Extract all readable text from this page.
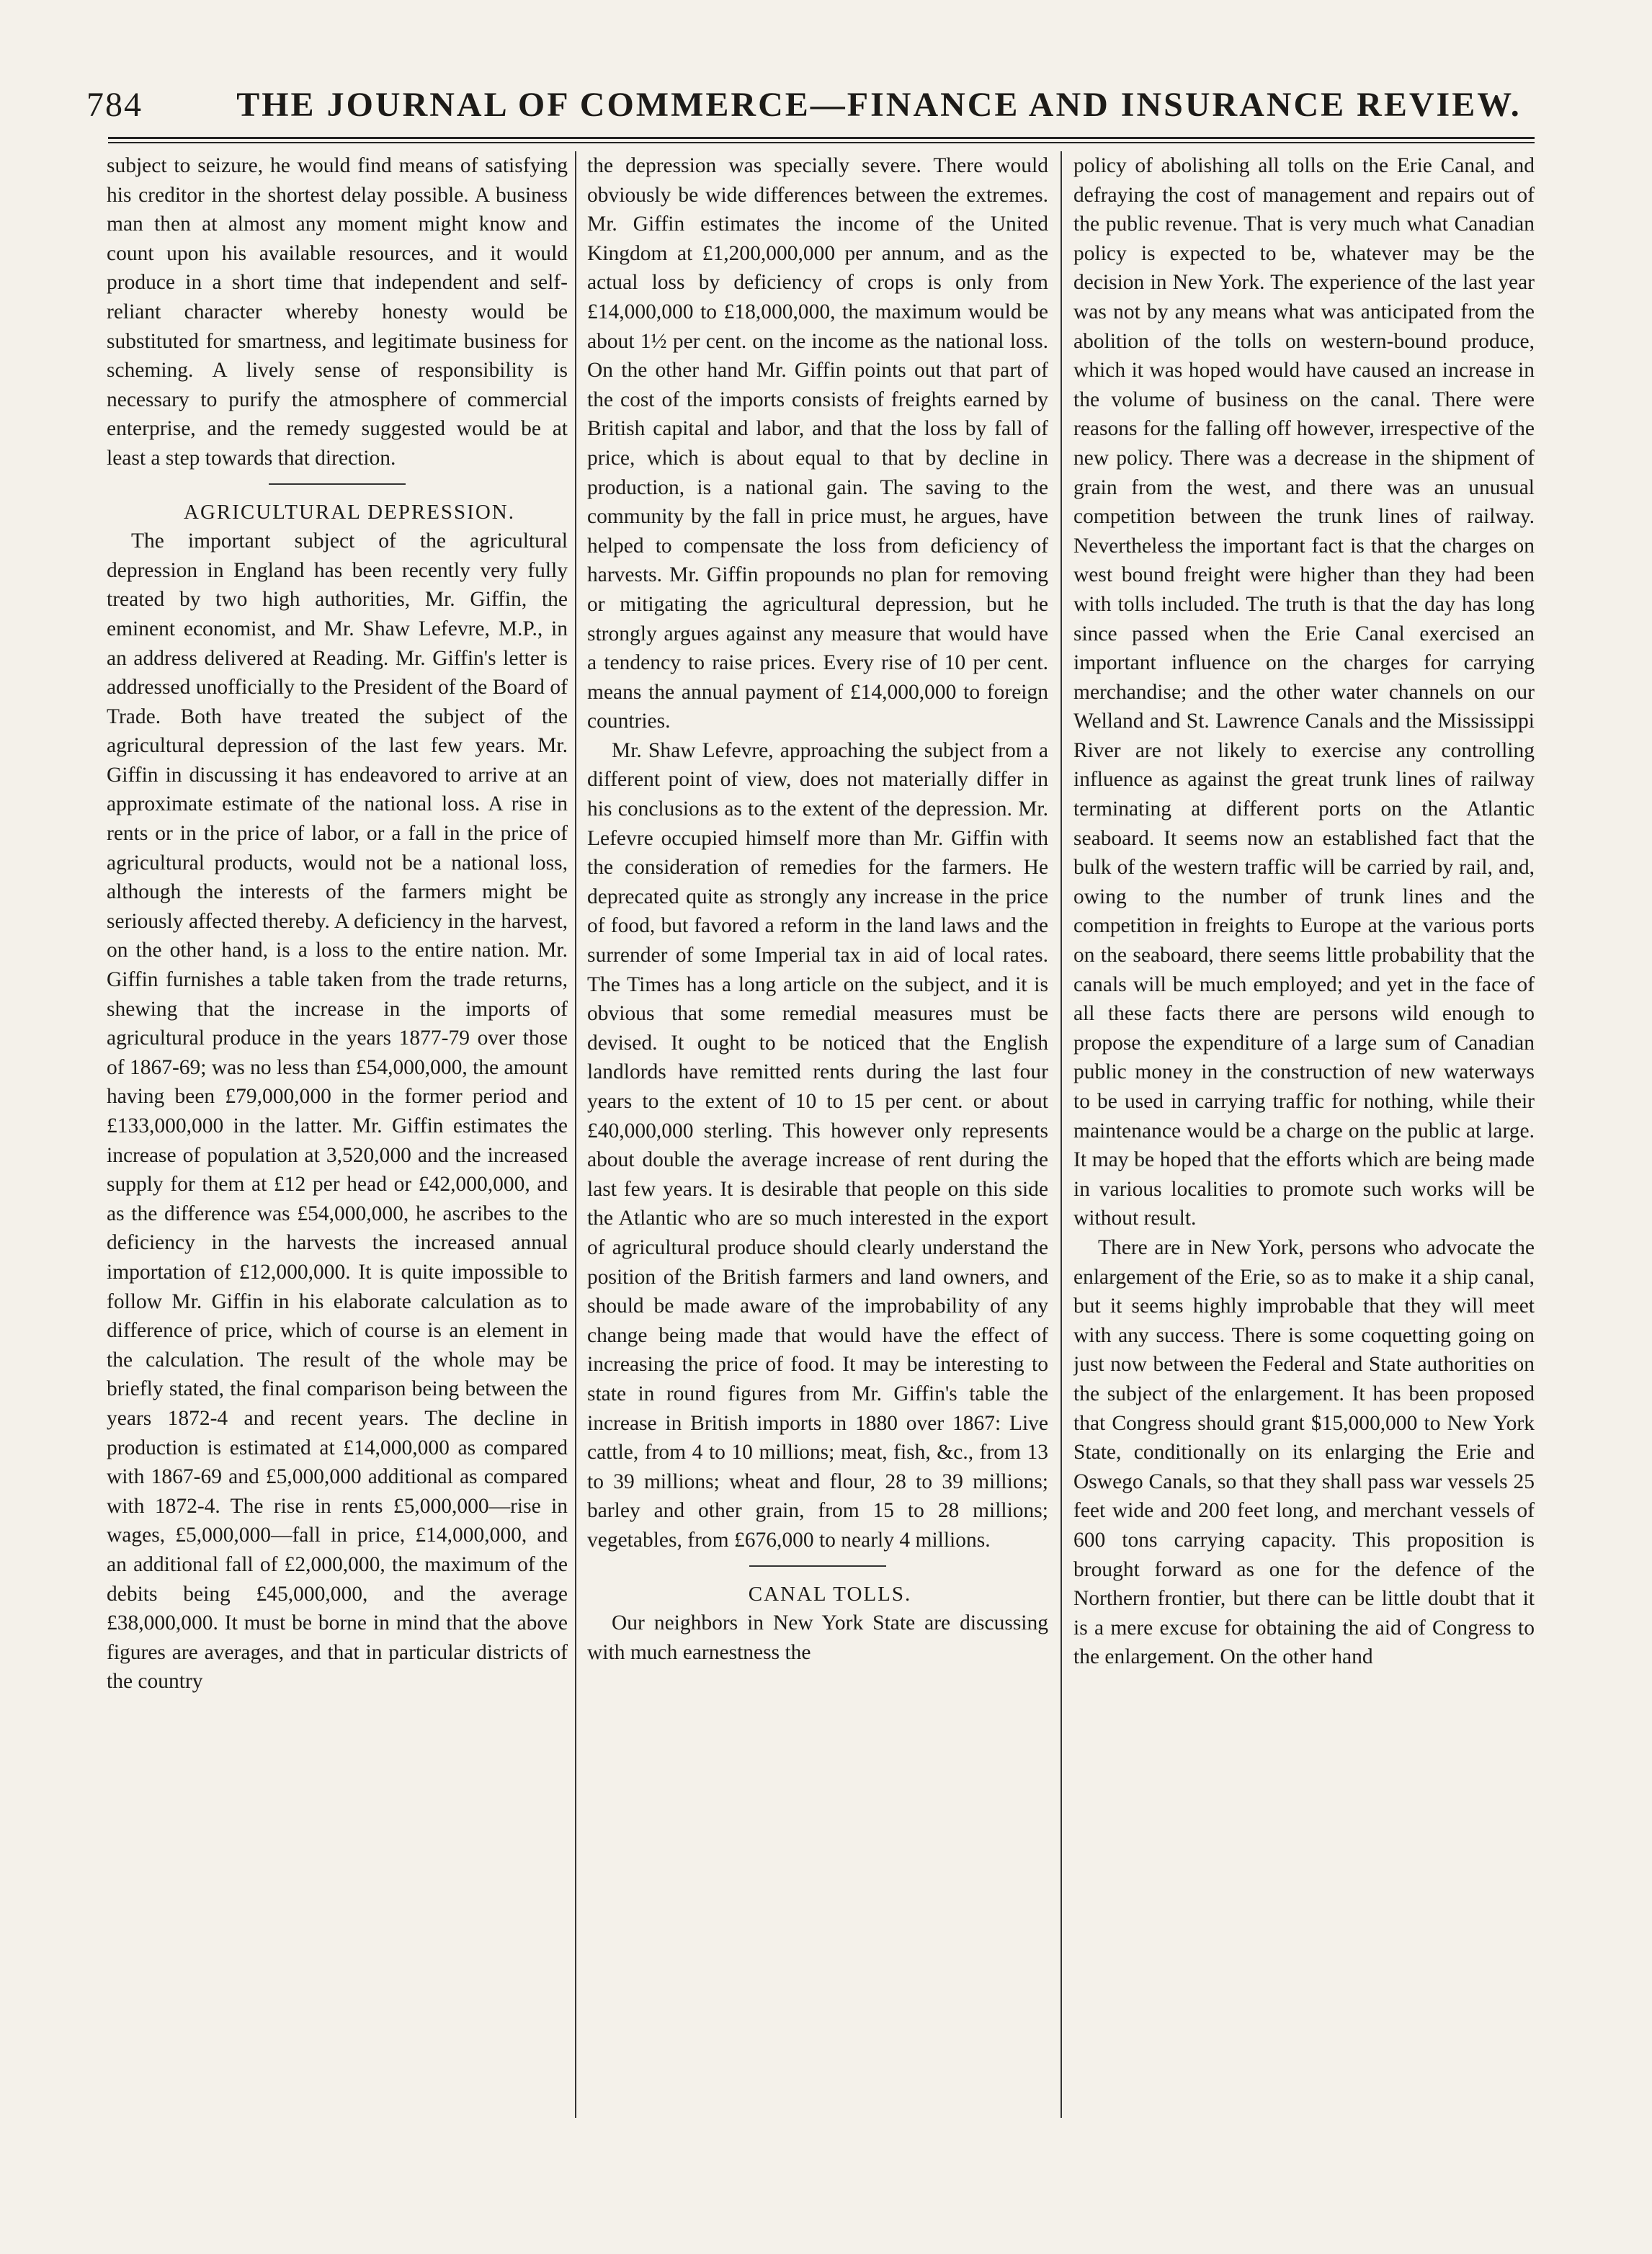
784	THE JOURNAL OF COMMERCE—FINANCE AND INSURANCE REVIEW.

subject to seizure, he would find means of satisfying his creditor in the shortest delay possible. A business man then at almost any moment might know and count upon his available resources, and it would produce in a short time that independent and self-reliant character whereby honesty would be substituted for smartness, and legitimate business for scheming. A lively sense of responsibility is necessary to purify the atmosphere of commercial enterprise, and the remedy suggested would be at least a step towards that direction.

AGRICULTURAL DEPRESSION.

The important subject of the agricultural depression in England has been recently very fully treated by two high authorities, Mr. Giffin, the eminent economist, and Mr. Shaw Lefevre, M.P., in an address delivered at Reading. Mr. Giffin's letter is addressed unofficially to the President of the Board of Trade. Both have treated the subject of the agricultural depression of the last few years. Mr. Giffin in discussing it has endeavored to arrive at an approximate estimate of the national loss. A rise in rents or in the price of labor, or a fall in the price of agricultural products, would not be a national loss, although the interests of the farmers might be seriously affected thereby. A deficiency in the harvest, on the other hand, is a loss to the entire nation. Mr. Giffin furnishes a table taken from the trade returns, shewing that the increase in the imports of agricultural produce in the years 1877-79 over those of 1867-69; was no less than £54,000,000, the amount having been £79,000,000 in the former period and £133,000,000 in the latter. Mr. Giffin estimates the increase of population at 3,520,000 and the increased supply for them at £12 per head or £42,000,000, and as the difference was £54,000,000, he ascribes to the deficiency in the harvests the increased annual importation of £12,000,000. It is quite impossible to follow Mr. Giffin in his elaborate calculation as to difference of price, which of course is an element in the calculation. The result of the whole may be briefly stated, the final comparison being between the years 1872-4 and recent years. The decline in production is estimated at £14,000,000 as compared with 1867-69 and £5,000,000 additional as compared with 1872-4. The rise in rents £5,000,000—rise in wages, £5,000,000—fall in price, £14,000,000, and an additional fall of £2,000,000, the maximum of the debits being £45,000,000, and the average £38,000,000. It must be borne in mind that the above figures are averages, and that in particular districts of the country

the depression was specially severe. There would obviously be wide differences between the extremes. Mr. Giffin estimates the income of the United Kingdom at £1,200,000,000 per annum, and as the actual loss by deficiency of crops is only from £14,000,000 to £18,000,000, the maximum would be about 1½ per cent. on the income as the national loss. On the other hand Mr. Giffin points out that part of the cost of the imports consists of freights earned by British capital and labor, and that the loss by fall of price, which is about equal to that by decline in production, is a national gain. The saving to the community by the fall in price must, he argues, have helped to compensate the loss from deficiency of harvests. Mr. Giffin propounds no plan for removing or mitigating the agricultural depression, but he strongly argues against any measure that would have a tendency to raise prices. Every rise of 10 per cent. means the annual payment of £14,000,000 to foreign countries.

Mr. Shaw Lefevre, approaching the subject from a different point of view, does not materially differ in his conclusions as to the extent of the depression. Mr. Lefevre occupied himself more than Mr. Giffin with the consideration of remedies for the farmers. He deprecated quite as strongly any increase in the price of food, but favored a reform in the land laws and the surrender of some Imperial tax in aid of local rates. The Times has a long article on the subject, and it is obvious that some remedial measures must be devised. It ought to be noticed that the English landlords have remitted rents during the last four years to the extent of 10 to 15 per cent. or about £40,000,000 sterling. This however only represents about double the average increase of rent during the last few years. It is desirable that people on this side the Atlantic who are so much interested in the export of agricultural produce should clearly understand the position of the British farmers and land owners, and should be made aware of the improbability of any change being made that would have the effect of increasing the price of food. It may be interesting to state in round figures from Mr. Giffin's table the increase in British imports in 1880 over 1867: Live cattle, from 4 to 10 millions; meat, fish, &c., from 13 to 39 millions; wheat and flour, 28 to 39 millions; barley and other grain, from 15 to 28 millions; vegetables, from £676,000 to nearly 4 millions.

CANAL TOLLS.

Our neighbors in New York State are discussing with much earnestness the

policy of abolishing all tolls on the Erie Canal, and defraying the cost of management and repairs out of the public revenue. That is very much what Canadian policy is expected to be, whatever may be the decision in New York. The experience of the last year was not by any means what was anticipated from the abolition of the tolls on western-bound produce, which it was hoped would have caused an increase in the volume of business on the canal. There were reasons for the falling off however, irrespective of the new policy. There was a decrease in the shipment of grain from the west, and there was an unusual competition between the trunk lines of railway. Nevertheless the important fact is that the charges on west bound freight were higher than they had been with tolls included. The truth is that the day has long since passed when the Erie Canal exercised an important influence on the charges for carrying merchandise; and the other water channels on our Welland and St. Lawrence Canals and the Mississippi River are not likely to exercise any controlling influence as against the great trunk lines of railway terminating at different ports on the Atlantic seaboard. It seems now an established fact that the bulk of the western traffic will be carried by rail, and, owing to the number of trunk lines and the competition in freights to Europe at the various ports on the seaboard, there seems little probability that the canals will be much employed; and yet in the face of all these facts there are persons wild enough to propose the expenditure of a large sum of Canadian public money in the construction of new waterways to be used in carrying traffic for nothing, while their maintenance would be a charge on the public at large. It may be hoped that the efforts which are being made in various localities to promote such works will be without result.

There are in New York, persons who advocate the enlargement of the Erie, so as to make it a ship canal, but it seems highly improbable that they will meet with any success. There is some coquetting going on just now between the Federal and State authorities on the subject of the enlargement. It has been proposed that Congress should grant $15,000,000 to New York State, conditionally on its enlarging the Erie and Oswego Canals, so that they shall pass war vessels 25 feet wide and 200 feet long, and merchant vessels of 600 tons carrying capacity. This proposition is brought forward as one for the defence of the Northern frontier, but there can be little doubt that it is a mere excuse for obtaining the aid of Congress to the enlargement. On the other hand
